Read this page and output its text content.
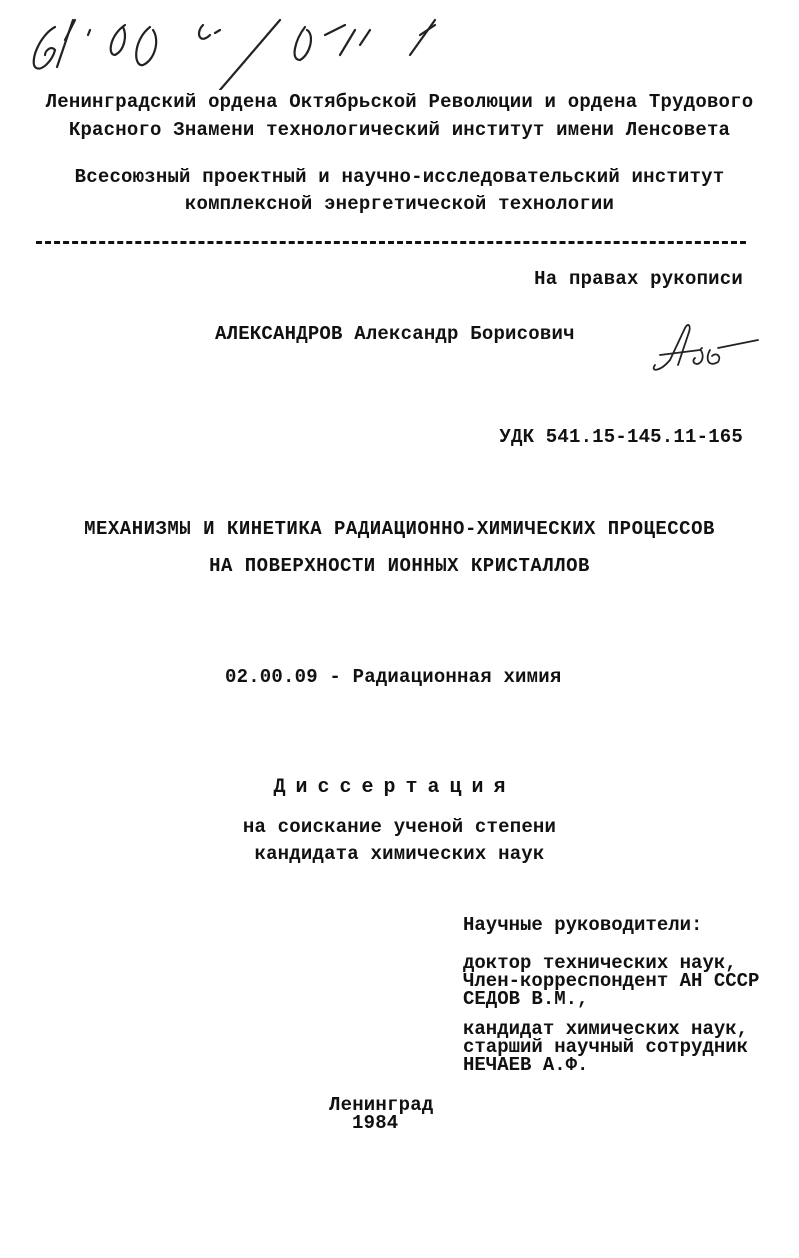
Ленинградский ордена Октябрьской Революции и ордена Трудового
Красного Знамени технологический институт имени Ленсовета
Всесоюзный проектный и научно-исследовательский институт
комплексной энергетической технологии
На правах рукописи
АЛЕКСАНДРОВ Александр Борисович
УДК 541.15-145.11-165
МЕХАНИЗМЫ И КИНЕТИКА РАДИАЦИОННО-ХИМИЧЕСКИХ ПРОЦЕССОВ
НА ПОВЕРХНОСТИ ИОННЫХ КРИСТАЛЛОВ
02.00.09 - Радиационная химия
Диссертация
на соискание ученой степени
кандидата химических наук
Научные руководители:
доктор технических наук,
Член-корреспондент АН СССР
СЕДОВ В.М.,
кандидат химических наук,
старший научный сотрудник
НЕЧАЕВ А.Ф.
Ленинград
1984
